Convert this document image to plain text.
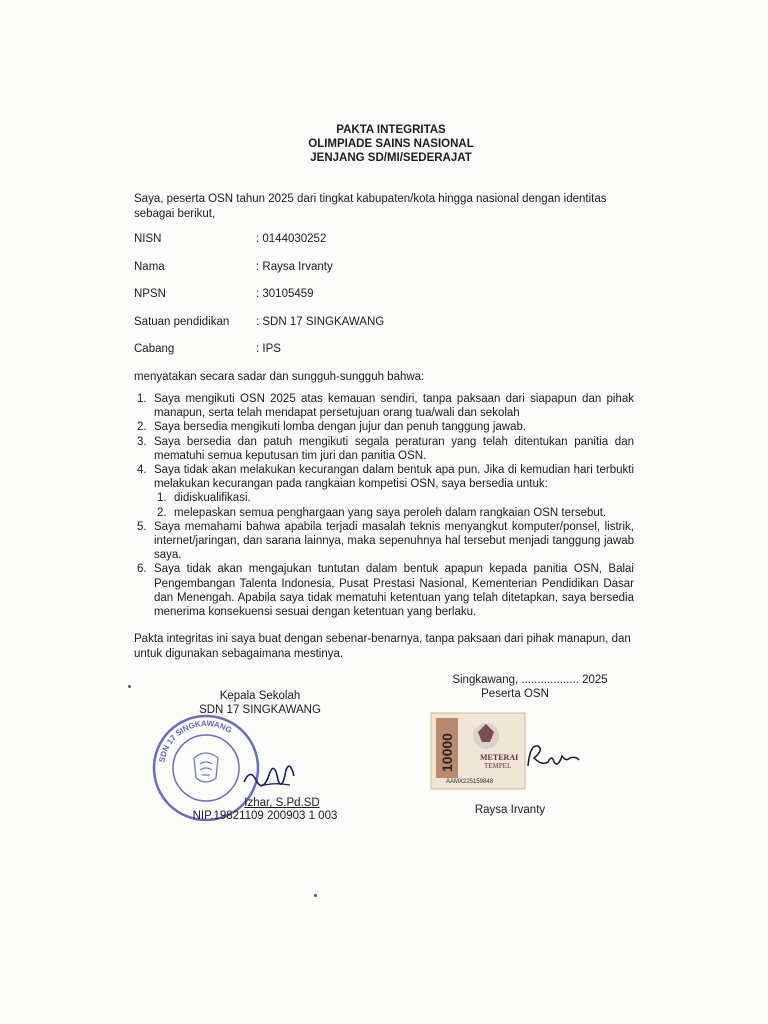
PAKTA INTEGRITAS
OLIMPIADE SAINS NASIONAL
JENJANG SD/MI/SEDERAJAT
Saya, peserta OSN tahun 2025 dari tingkat kabupaten/kota hingga nasional dengan identitas sebagai berikut,
NISN	: 0144030252
Nama	: Raysa Irvanty
NPSN	: 30105459
Satuan pendidikan	: SDN 17 SINGKAWANG
Cabang	: IPS
menyatakan secara sadar dan sungguh-sungguh bahwa:
1. Saya mengikuti OSN 2025 atas kemauan sendiri, tanpa paksaan dari siapapun dan pihak manapun, serta telah mendapat persetujuan orang tua/wali dan sekolah
2. Saya bersedia mengikuti lomba dengan jujur dan penuh tanggung jawab.
3. Saya bersedia dan patuh mengikuti segala peraturan yang telah ditentukan panitia dan mematuhi semua keputusan tim juri dan panitia OSN.
4. Saya tidak akan melakukan kecurangan dalam bentuk apa pun. Jika di kemudian hari terbukti melakukan kecurangan pada rangkaian kompetisi OSN, saya bersedia untuk:
1. didiskualifikasi.
2. melepaskan semua penghargaan yang saya peroleh dalam rangkaian OSN tersebut.
5. Saya memahami bahwa apabila terjadi masalah teknis menyangkut komputer/ponsel, listrik, internet/jaringan, dan sarana lainnya, maka sepenuhnya hal tersebut menjadi tanggung jawab saya.
6. Saya tidak akan mengajukan tuntutan dalam bentuk apapun kepada panitia OSN, Balai Pengembangan Talenta Indonesia, Pusat Prestasi Nasional, Kementerian Pendidikan Dasar dan Menengah. Apabila saya tidak mematuhi ketentuan yang telah ditetapkan, saya bersedia menerima konsekuensi sesuai dengan ketentuan yang berlaku.
Pakta integritas ini saya buat dengan sebenar-benarnya, tanpa paksaan dari pihak manapun, dan untuk digunakan sebagaimana mestinya.
Singkawang, .................. 2025
Peserta OSN
Kepala Sekolah
SDN 17 SINGKAWANG
SDN 17 SINGKAWANG
Izhar, S.Pd.SD
NIP.19821109 200903 1 003
10000	METERAI
TEMPEL
AAMX225159848
Raysa Irvanty
